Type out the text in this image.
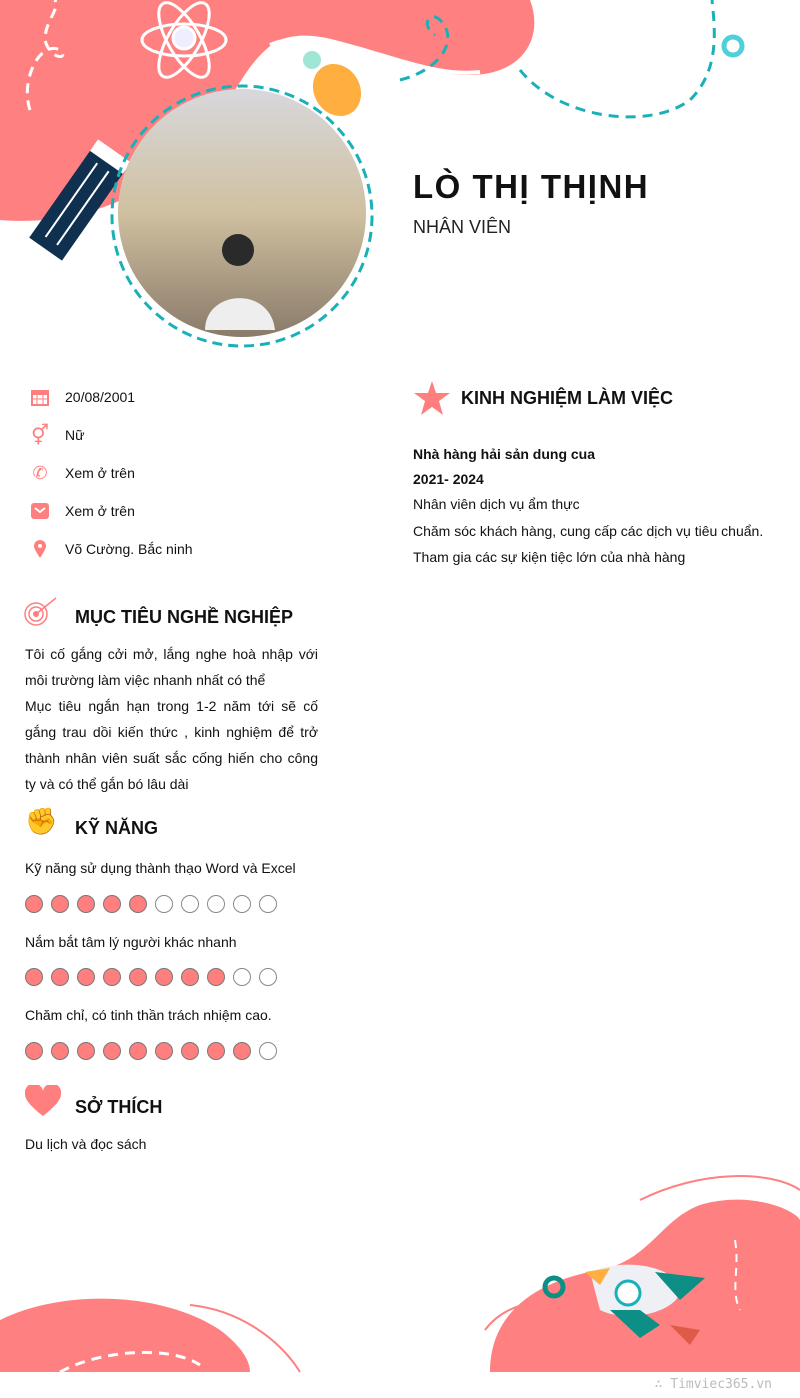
LÒ THỊ THỊNH
NHÂN VIÊN
20/08/2001
⚥ Nữ
✆ Xem ở trên
Xem ở trên
Võ Cường. Bắc ninh
MỤC TIÊU NGHỀ NGHIỆP
Tôi cố gắng cởi mở, lắng nghe hoà nhập với môi trường làm việc nhanh nhất có thể
Mục tiêu ngắn hạn trong 1-2 năm tới sẽ cố gắng trau dồi kiến thức , kinh nghiệm để trở thành nhân viên suất sắc cống hiến cho công ty và có thể gắn bó lâu dài
✊ KỸ NĂNG
Kỹ năng sử dụng thành thạo Word và Excel
Nắm bắt tâm lý người khác nhanh
Chăm chỉ, có tinh thần trách nhiệm cao.
SỞ THÍCH
Du lịch và đọc sách
KINH NGHIỆM LÀM VIỆC
Nhà hàng hải sản dung cua
2021- 2024
Nhân viên dịch vụ ẩm thực
Chăm sóc khách hàng, cung cấp các dịch vụ tiêu chuẩn.
Tham gia các sự kiện tiệc lớn của nhà hàng
∴ Timviec365.vn
